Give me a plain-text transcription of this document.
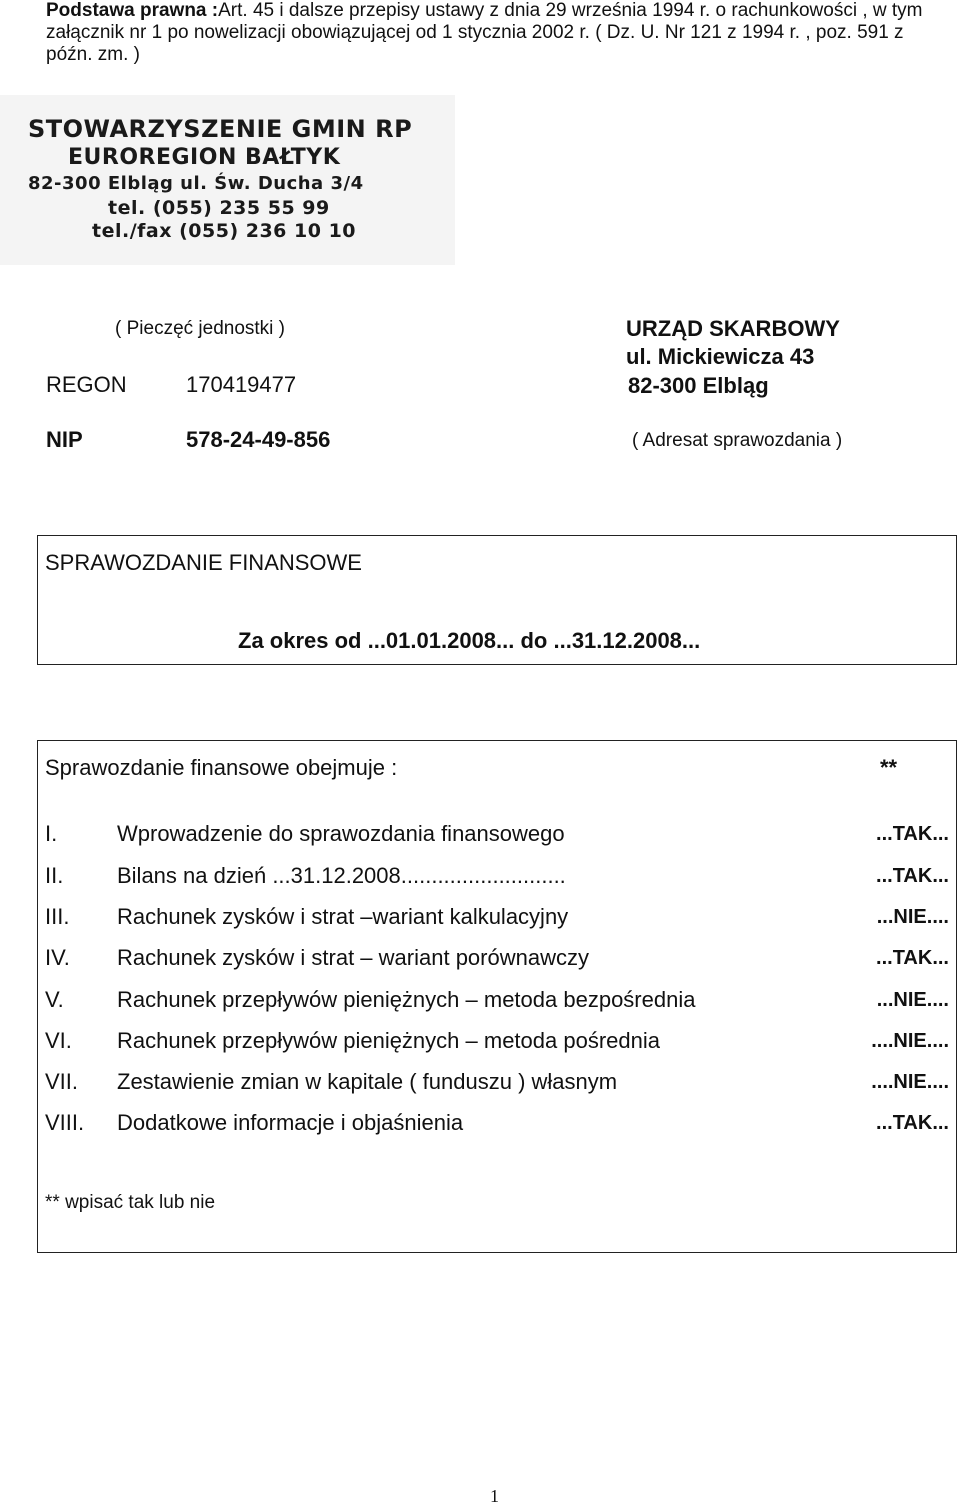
Podstawa prawna :Art. 45 i dalsze przepisy ustawy z dnia 29 września 1994 r. o rachunkowości , w tym załącznik nr 1 po nowelizacji obowiązującej od 1 stycznia 2002 r. ( Dz. U. Nr 121 z 1994 r. , poz. 591 z późn. zm. )
STOWARZYSZENIE GMIN RP
EUROREGION BAŁTYK
82-300 Elbląg ul. Św. Ducha 3/4
tel. (055) 235 55 99
tel./fax (055) 236 10 10
( Pieczęć jednostki )
REGON	170419477
NIP	578-24-49-856
URZĄD SKARBOWY
ul. Mickiewicza 43
82-300 Elbląg
( Adresat sprawozdania )
SPRAWOZDANIE FINANSOWE
Za okres od ...01.01.2008... do ...31.12.2008...
Sprawozdanie finansowe obejmuje :	**
I.	Wprowadzenie do sprawozdania finansowego	...TAK...
II. Bilans na dzień ...31.12.2008...........................	...TAK...
III. Rachunek zysków i strat –wariant kalkulacyjny	...NIE....
IV. Rachunek zysków i strat – wariant porównawczy	...TAK...
V. Rachunek przepływów pieniężnych – metoda bezpośrednia	...NIE....
VI. Rachunek przepływów pieniężnych – metoda pośrednia	....NIE....
VII. Zestawienie zmian w kapitale ( funduszu ) własnym	....NIE....
VIII. Dodatkowe informacje i objaśnienia	...TAK...
** wpisać tak lub nie
1
